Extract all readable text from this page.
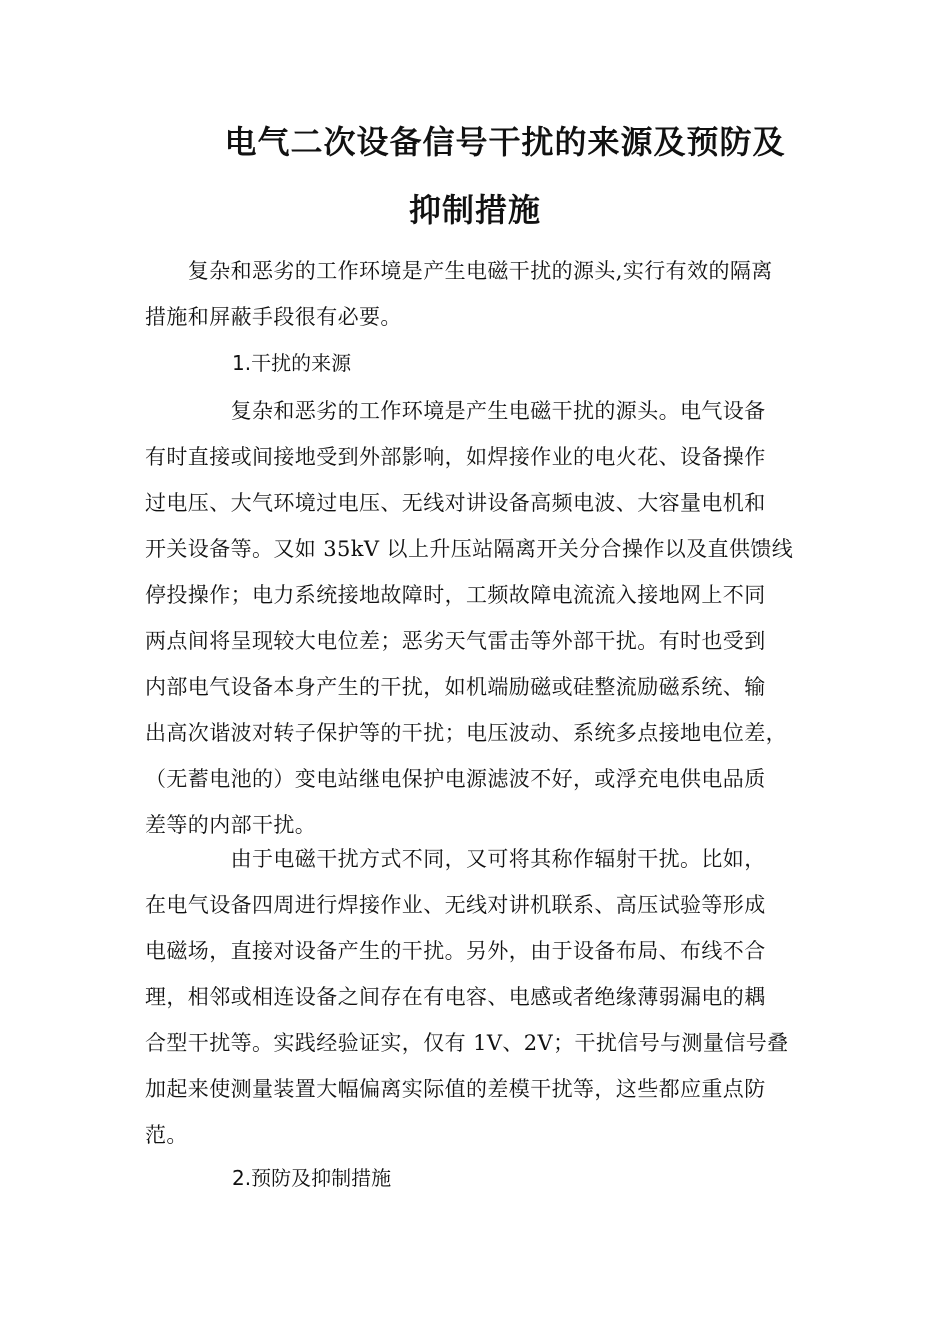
电气二次设备信号干扰的来源及预防及
抑制措施
　　复杂和恶劣的工作环境是产生电磁干扰的源头,实行有效的隔离
措施和屏蔽手段很有必要。
1.干扰的来源
　　　　复杂和恶劣的工作环境是产生电磁干扰的源头。电气设备
有时直接或间接地受到外部影响，如焊接作业的电火花、设备操作
过电压、大气环境过电压、无线对讲设备高频电波、大容量电机和
开关设备等。又如 35kV 以上升压站隔离开关分合操作以及直供馈线
停投操作；电力系统接地故障时，工频故障电流流入接地网上不同
两点间将呈现较大电位差；恶劣天气雷击等外部干扰。有时也受到
内部电气设备本身产生的干扰，如机端励磁或硅整流励磁系统、输
出高次谐波对转子保护等的干扰；电压波动、系统多点接地电位差，
（无蓄电池的）变电站继电保护电源滤波不好，或浮充电供电品质
差等的内部干扰。
　　　　由于电磁干扰方式不同，又可将其称作辐射干扰。比如，
在电气设备四周进行焊接作业、无线对讲机联系、高压试验等形成
电磁场，直接对设备产生的干扰。另外，由于设备布局、布线不合
理，相邻或相连设备之间存在有电容、电感或者绝缘薄弱漏电的耦
合型干扰等。实践经验证实，仅有 1V、2V；干扰信号与测量信号叠
加起来使测量装置大幅偏离实际值的差模干扰等，这些都应重点防
范。
2.预防及抑制措施
